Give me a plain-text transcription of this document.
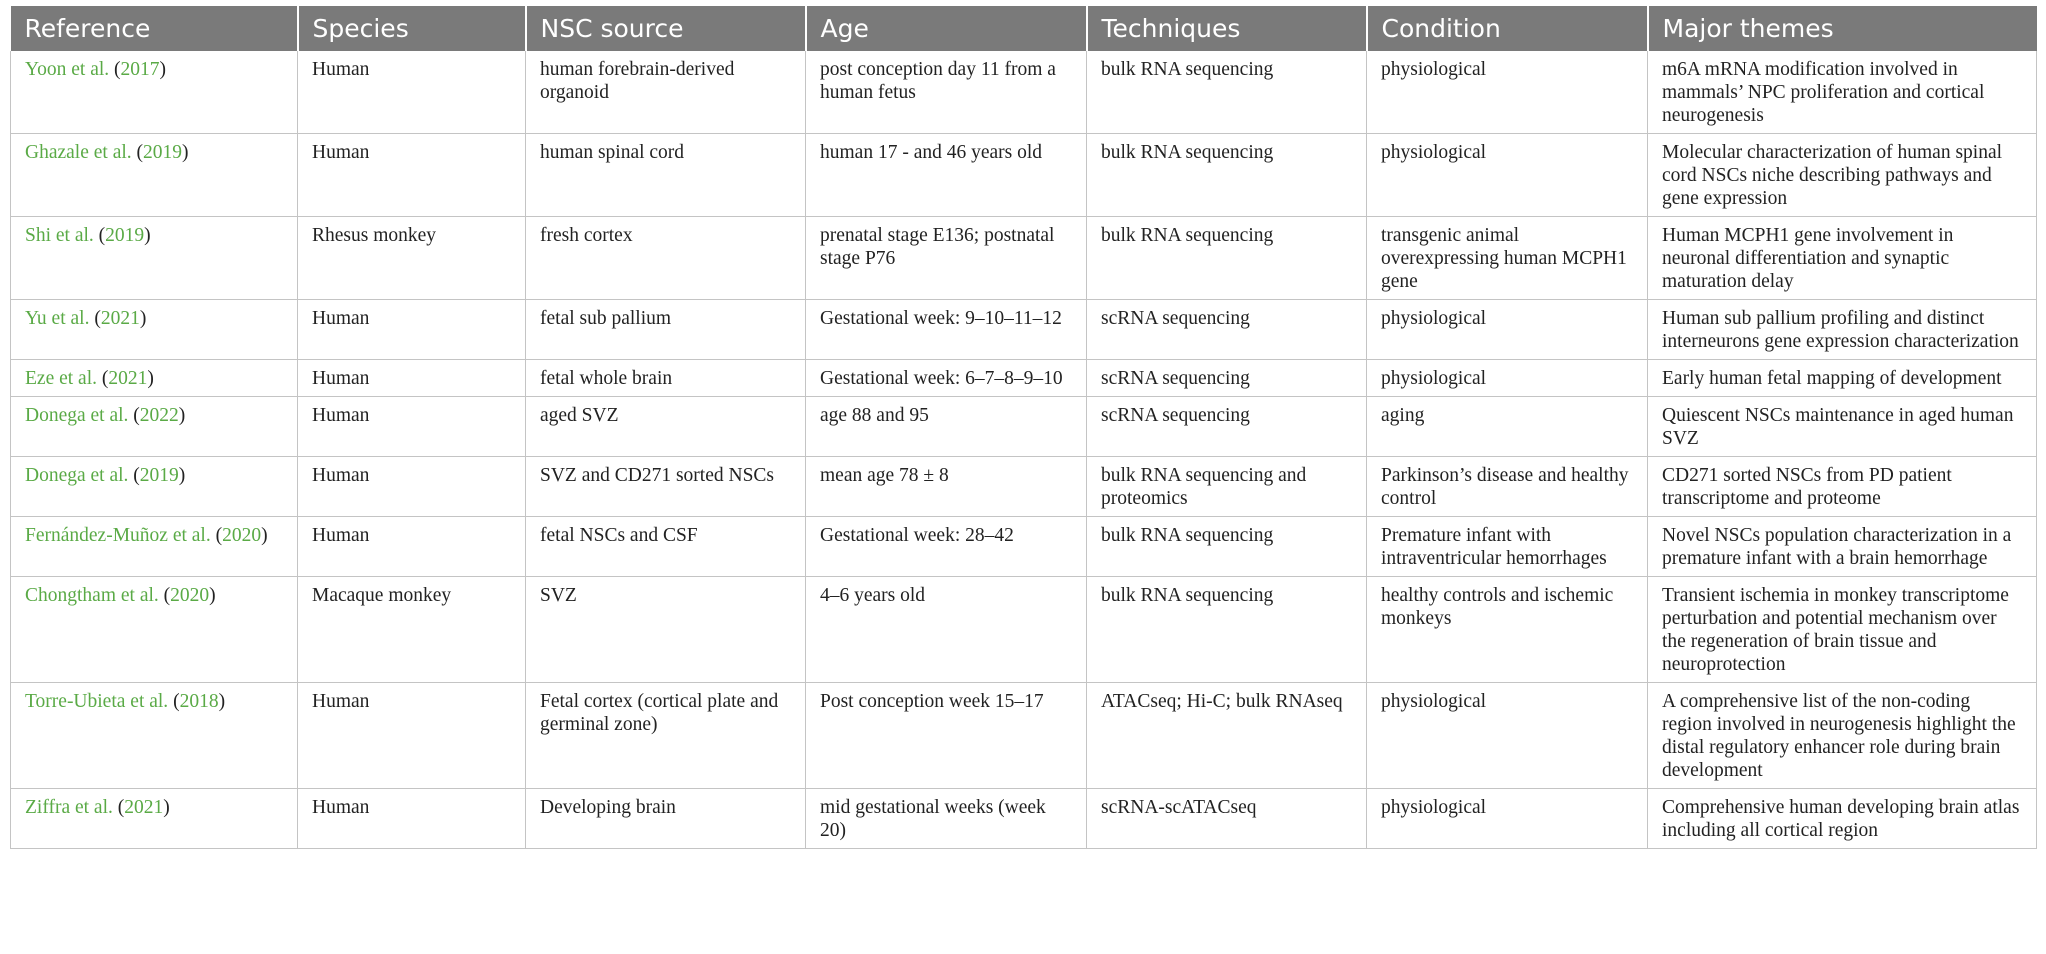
Reference	Species	NSC source	Age	Techniques	Condition	Major themes
Yoon et al. (2017)	Human	human forebrain-derived organoid	post conception day 11 from a human fetus	bulk RNA sequencing	physiological	m6A mRNA modification involved in mammals’ NPC proliferation and cortical neurogenesis
Ghazale et al. (2019)	Human	human spinal cord	human 17 - and 46 years old	bulk RNA sequencing	physiological	Molecular characterization of human spinal cord NSCs niche describing pathways and gene expression
Shi et al. (2019)	Rhesus monkey	fresh cortex	prenatal stage E136; postnatal stage P76	bulk RNA sequencing	transgenic animal overexpressing human MCPH1 gene	Human MCPH1 gene involvement in neuronal differentiation and synaptic maturation delay
Yu et al. (2021)	Human	fetal sub pallium	Gestational week: 9–10–11–12	scRNA sequencing	physiological	Human sub pallium profiling and distinct interneurons gene expression characterization
Eze et al. (2021)	Human	fetal whole brain	Gestational week: 6–7–8–9–10	scRNA sequencing	physiological	Early human fetal mapping of development
Donega et al. (2022)	Human	aged SVZ	age 88 and 95	scRNA sequencing	aging	Quiescent NSCs maintenance in aged human SVZ
Donega et al. (2019)	Human	SVZ and CD271 sorted NSCs	mean age 78 ± 8	bulk RNA sequencing and proteomics	Parkinson’s disease and healthy control	CD271 sorted NSCs from PD patient transcriptome and proteome
Fernández-Muñoz et al. (2020)	Human	fetal NSCs and CSF	Gestational week: 28–42	bulk RNA sequencing	Premature infant with intraventricular hemorrhages	Novel NSCs population characterization in a premature infant with a brain hemorrhage
Chongtham et al. (2020)	Macaque monkey	SVZ	4–6 years old	bulk RNA sequencing	healthy controls and ischemic monkeys	Transient ischemia in monkey transcriptome perturbation and potential mechanism over the regeneration of brain tissue and neuroprotection
Torre-Ubieta et al. (2018)	Human	Fetal cortex (cortical plate and germinal zone)	Post conception week 15–17	ATACseq; Hi-C; bulk RNAseq	physiological	A comprehensive list of the non-coding region involved in neurogenesis highlight the distal regulatory enhancer role during brain development
Ziffra et al. (2021)	Human	Developing brain	mid gestational weeks (week 20)	scRNA-scATACseq	physiological	Comprehensive human developing brain atlas including all cortical region
